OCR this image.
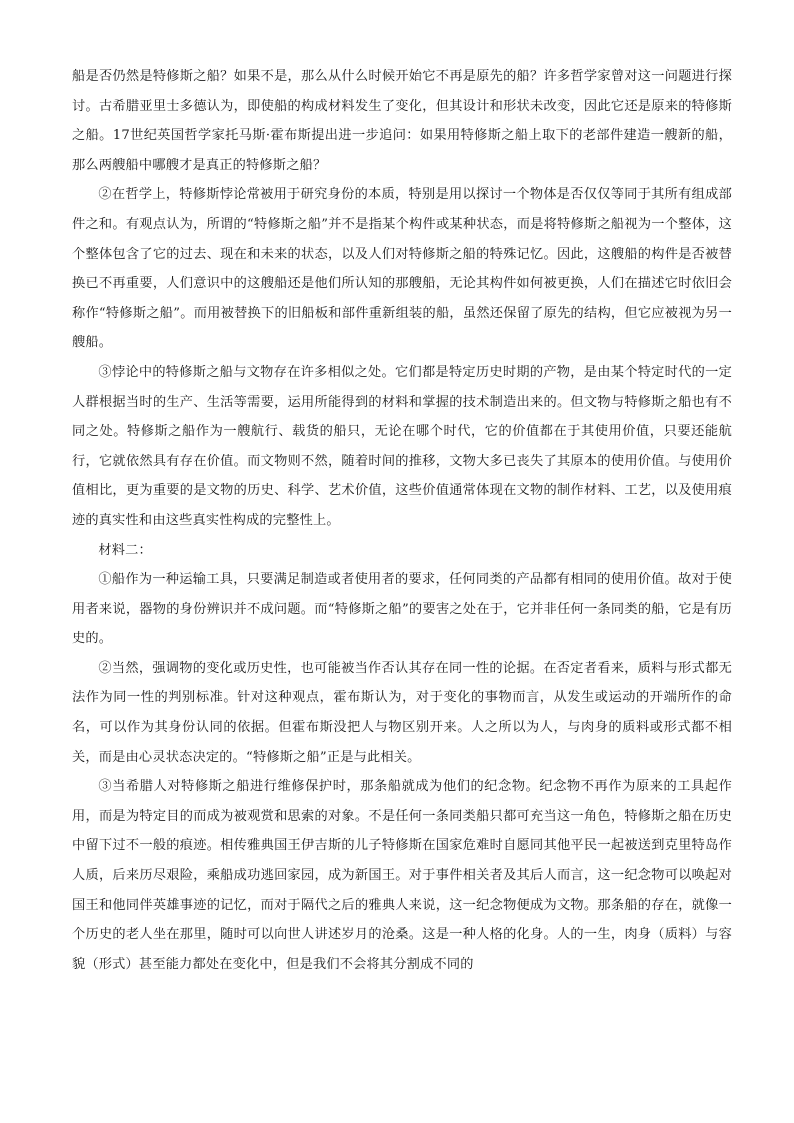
船是否仍然是特修斯之船？如果不是，那么从什么时候开始它不再是原先的船？许多哲学家曾对这一问题进行探讨。古希腊亚里士多德认为，即使船的构成材料发生了变化，但其设计和形状未改变，因此它还是原来的特修斯之船。17世纪英国哲学家托马斯·霍布斯提出进一步追问：如果用特修斯之船上取下的老部件建造一艘新的船，那么两艘船中哪艘才是真正的特修斯之船？

②在哲学上，特修斯悖论常被用于研究身份的本质，特别是用以探讨一个物体是否仅仅等同于其所有组成部件之和。有观点认为，所谓的“特修斯之船”并不是指某个构件或某种状态，而是将特修斯之船视为一个整体，这个整体包含了它的过去、现在和未来的状态，以及人们对特修斯之船的特殊记忆。因此，这艘船的构件是否被替换已不再重要，人们意识中的这艘船还是他们所认知的那艘船，无论其构件如何被更换，人们在描述它时依旧会称作“特修斯之船”。而用被替换下的旧船板和部件重新组装的船，虽然还保留了原先的结构，但它应被视为另一艘船。

③悖论中的特修斯之船与文物存在许多相似之处。它们都是特定历史时期的产物，是由某个特定时代的一定人群根据当时的生产、生活等需要，运用所能得到的材料和掌握的技术制造出来的。但文物与特修斯之船也有不同之处。特修斯之船作为一艘航行、载货的船只，无论在哪个时代，它的价值都在于其使用价值，只要还能航行，它就依然具有存在价值。而文物则不然，随着时间的推移，文物大多已丧失了其原本的使用价值。与使用价值相比，更为重要的是文物的历史、科学、艺术价值，这些价值通常体现在文物的制作材料、工艺，以及使用痕迹的真实性和由这些真实性构成的完整性上。

材料二：

①船作为一种运输工具，只要满足制造或者使用者的要求，任何同类的产品都有相同的使用价值。故对于使用者来说，器物的身份辨识并不成问题。而“特修斯之船”的要害之处在于，它并非任何一条同类的船，它是有历史的。

②当然，强调物的变化或历史性，也可能被当作否认其存在同一性的论据。在否定者看来，质料与形式都无法作为同一性的判别标准。针对这种观点，霍布斯认为，对于变化的事物而言，从发生或运动的开端所作的命名，可以作为其身份认同的依据。但霍布斯没把人与物区别开来。人之所以为人，与肉身的质料或形式都不相关，而是由心灵状态决定的。“特修斯之船”正是与此相关。

③当希腊人对特修斯之船进行维修保护时，那条船就成为他们的纪念物。纪念物不再作为原来的工具起作用，而是为特定目的而成为被观赏和思索的对象。不是任何一条同类船只都可充当这一角色，特修斯之船在历史中留下过不一般的痕迹。相传雅典国王伊吉斯的儿子特修斯在国家危难时自愿同其他平民一起被送到克里特岛作人质，后来历尽艰险，乘船成功逃回家园，成为新国王。对于事件相关者及其后人而言，这一纪念物可以唤起对国王和他同伴英雄事迹的记忆，而对于隔代之后的雅典人来说，这一纪念物便成为文物。那条船的存在，就像一个历史的老人坐在那里，随时可以向世人讲述岁月的沧桑。这是一种人格的化身。人的一生，肉身（质料）与容貌（形式）甚至能力都处在变化中，但是我们不会将其分割成不同的
